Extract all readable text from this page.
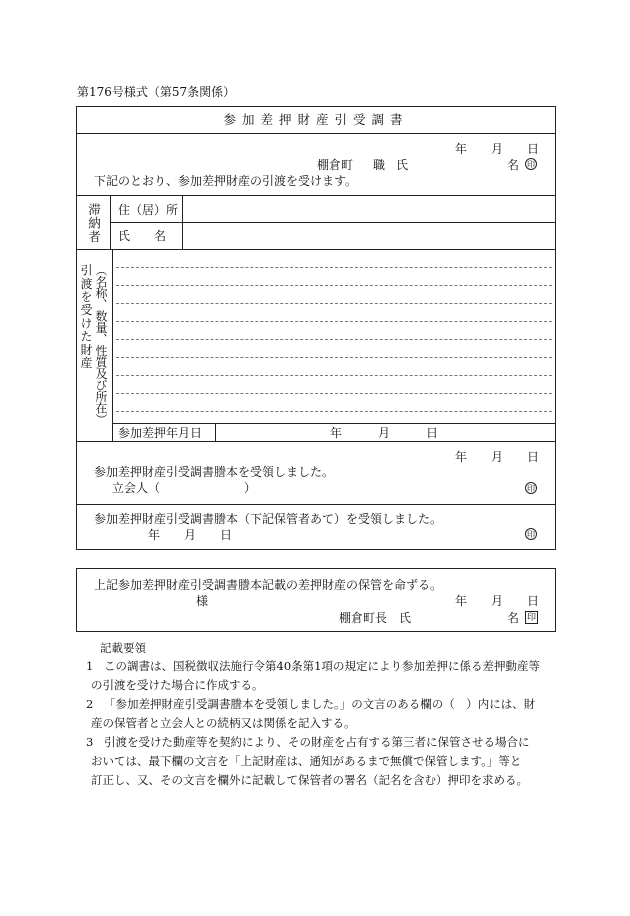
第176号様式（第57条関係）
参加差押財産引受調書
年　　月　　日
棚倉町 職 氏	名 印
下記のとおり、参加差押財産の引渡を受けます。
滞納者 住（居）所
氏　　名
引渡を受けた財産 （名称、数量、性質及び所在）
参加差押年月日	年　　　月　　　日
年　　月　　日
参加差押財産引受調書謄本を受領しました。
立会人（　　　　　　　）	印
参加差押財産引受調書謄本（下記保管者あて）を受領しました。
年　　月　　日	印
上記参加差押財産引受調書謄本記載の差押財産の保管を命ずる。
年　　月　　日
様
棚倉町長　氏	名 印
記載要領
1 この調書は、国税徴収法施行令第40条第1項の規定により参加差押に係る差押動産等
の引渡を受けた場合に作成する。
2 「参加差押財産引受調書謄本を受領しました。」の文言のある欄の（　）内には、財
産の保管者と立会人との続柄又は関係を記入する。
3 引渡を受けた動産等を契約により、その財産を占有する第三者に保管させる場合に
おいては、最下欄の文言を「上記財産は、通知があるまで無償で保管します。」等と
訂正し、又、その文言を欄外に記載して保管者の署名（記名を含む）押印を求める。
